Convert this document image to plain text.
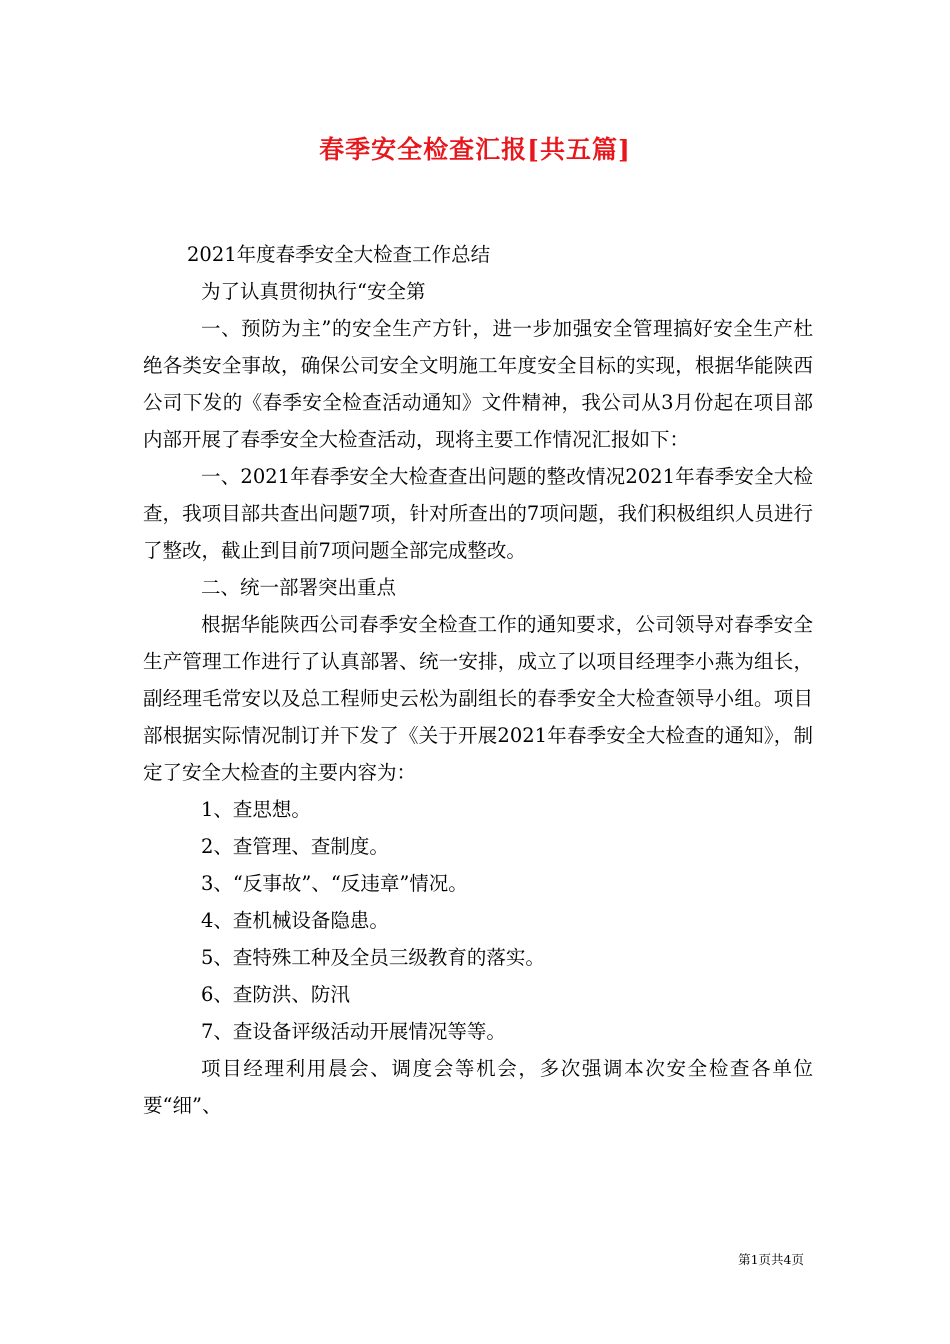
春季安全检查汇报[共五篇]

2021年度春季安全大检查工作总结

为了认真贯彻执行“安全第

一、预防为主”的安全生产方针，进一步加强安全管理搞好安全生产杜绝各类安全事故，确保公司安全文明施工年度安全目标的实现，根据华能陕西公司下发的《春季安全检查活动通知》文件精神，我公司从3月份起在项目部内部开展了春季安全大检查活动，现将主要工作情况汇报如下：

一、2021年春季安全大检查查出问题的整改情况2021年春季安全大检查，我项目部共查出问题7项，针对所查出的7项问题，我们积极组织人员进行了整改，截止到目前7项问题全部完成整改。

二、统一部署突出重点

根据华能陕西公司春季安全检查工作的通知要求，公司领导对春季安全生产管理工作进行了认真部署、统一安排，成立了以项目经理李小燕为组长，副经理毛常安以及总工程师史云松为副组长的春季安全大检查领导小组。项目部根据实际情况制订并下发了《关于开展2021年春季安全大检查的通知》，制定了安全大检查的主要内容为：

1、查思想。

2、查管理、查制度。

3、“反事故”、“反违章”情况。

4、查机械设备隐患。

5、查特殊工种及全员三级教育的落实。

6、查防洪、防汛

7、查设备评级活动开展情况等等。

项目经理利用晨会、调度会等机会，多次强调本次安全检查各单位要“细”、

第1页共4页
